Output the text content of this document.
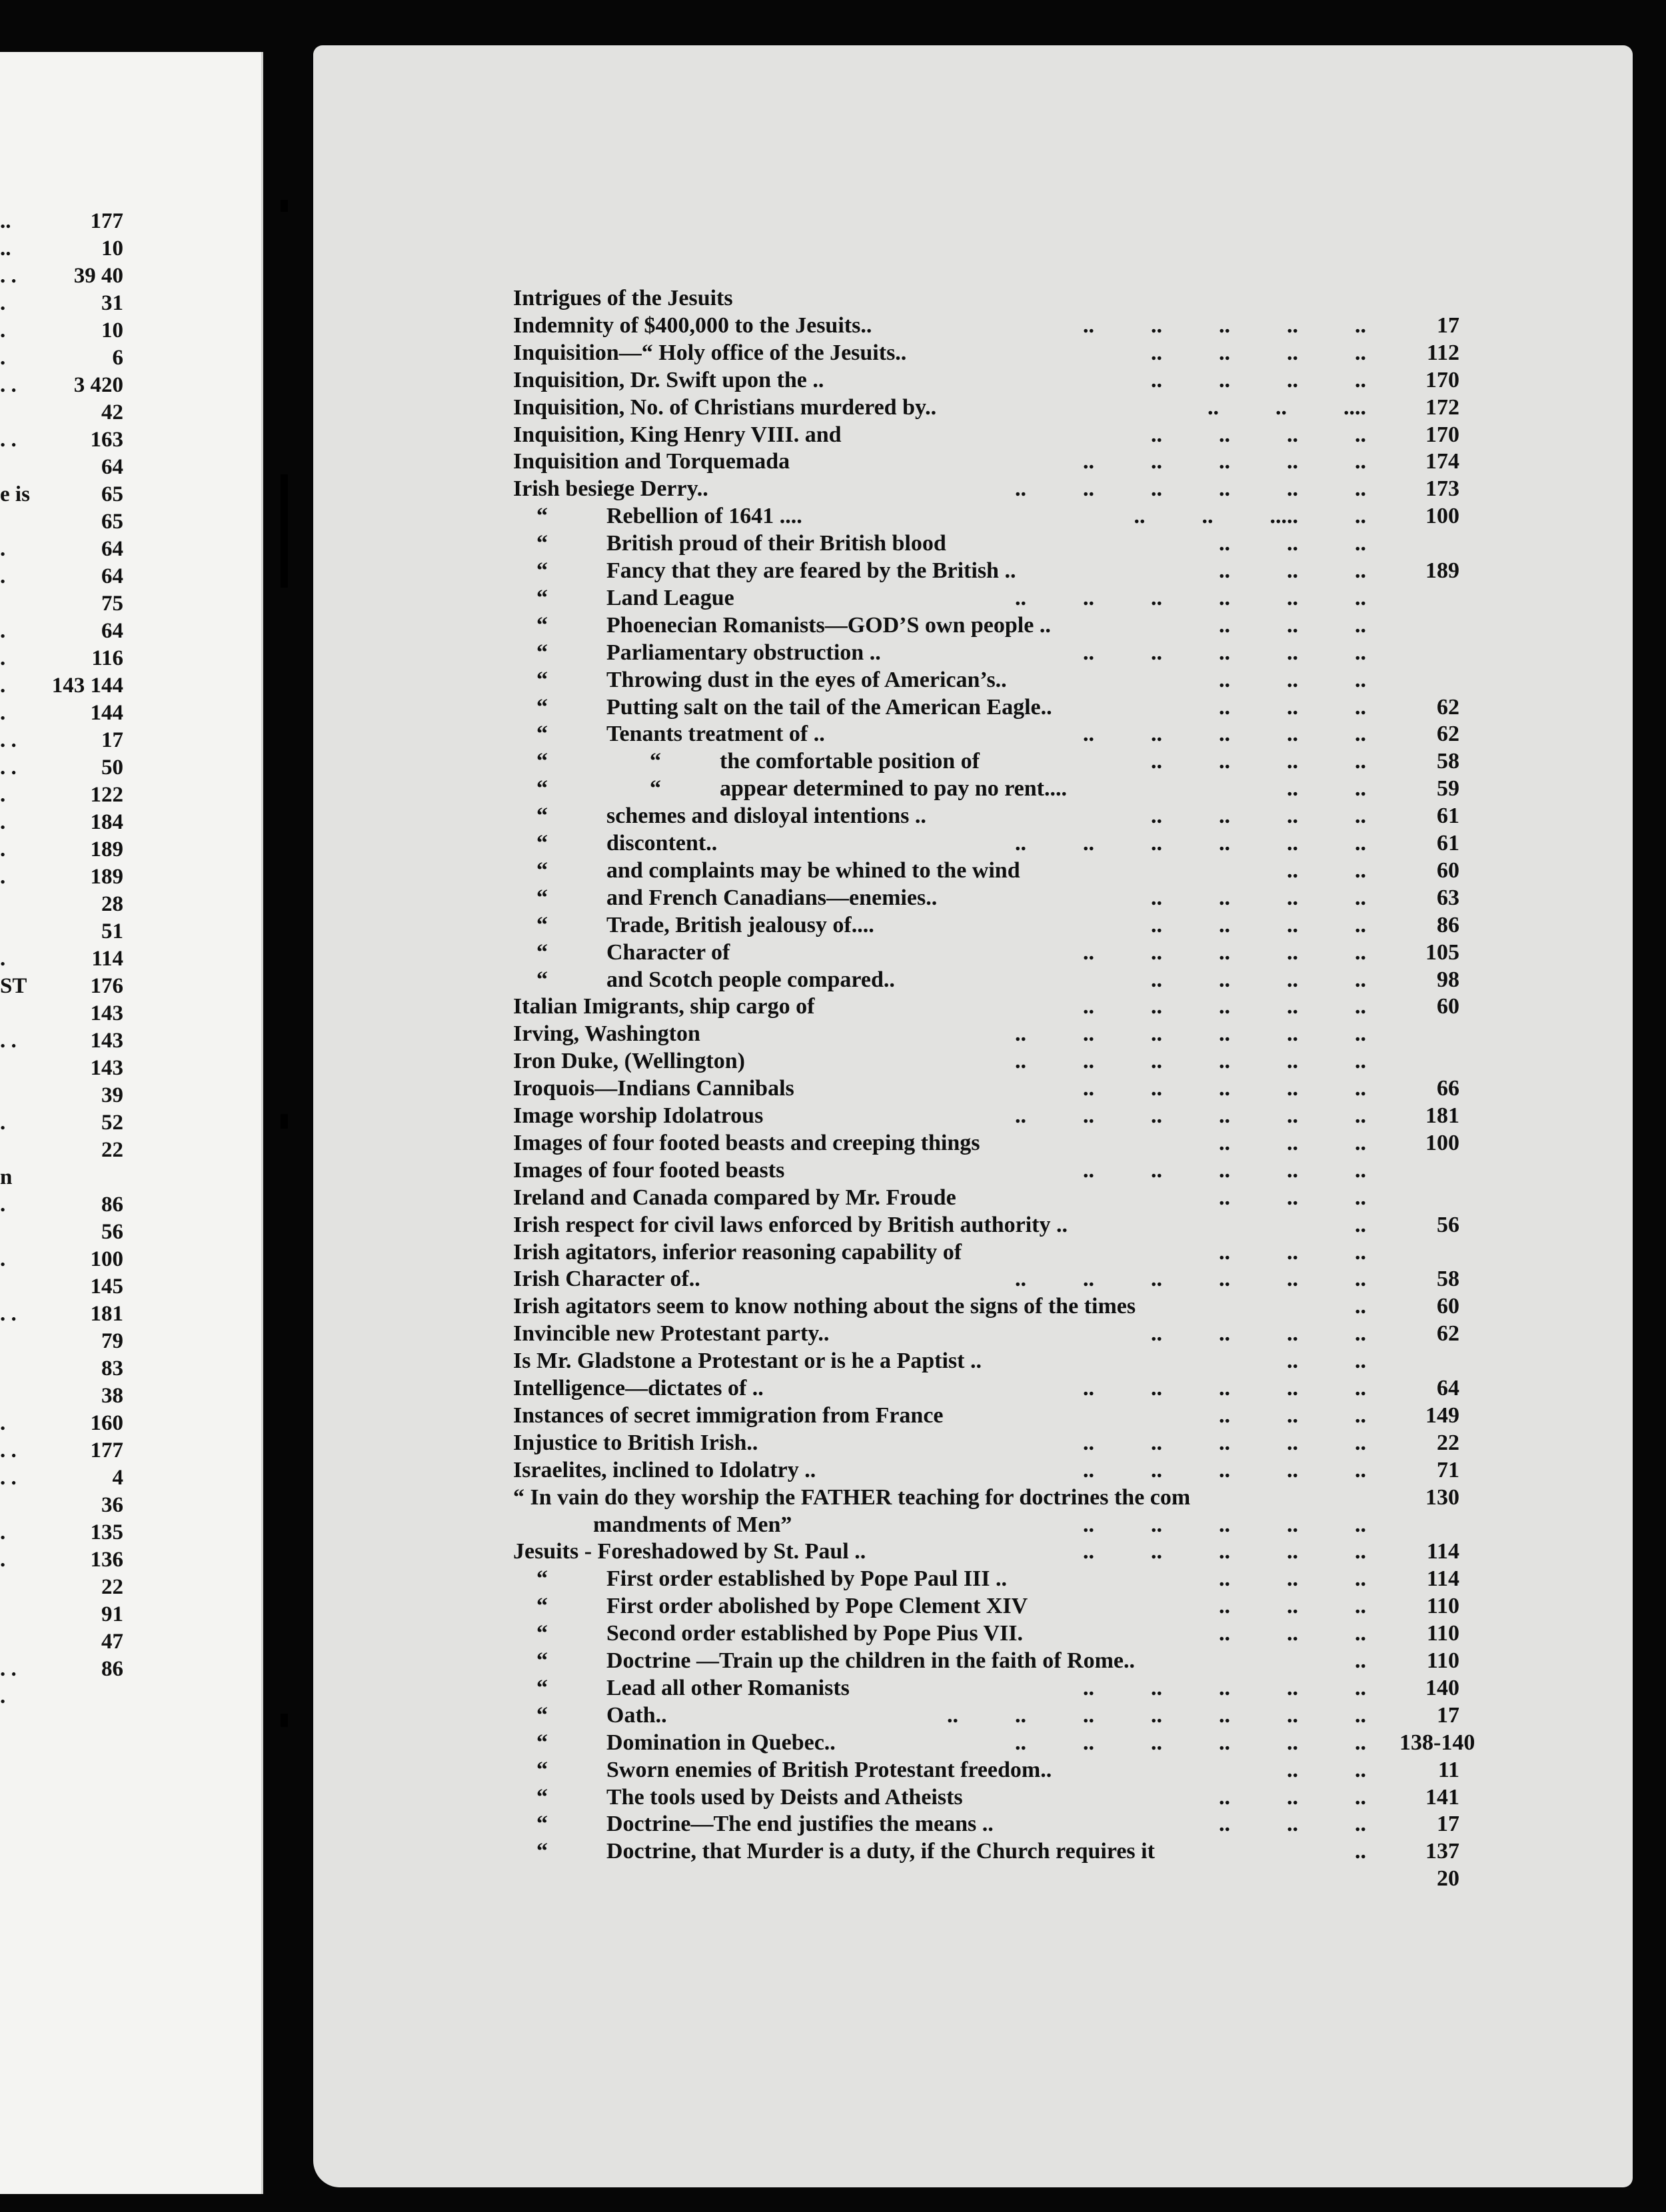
..	177
..	10
. .	39 40
.	31
.	10
.	6
. .	3 420
42
. .	163
64
e is	65
65
.	64
.	64
75
.	64
.	116
.	143 144
.	144
. .	17
. .	50
.	122
.	184
.	189
.	189
28
51
.	114
ST	176
143
. .	143
143
39
.	52
22
n
.	86
56
.	100
145
. .	181
79
83
38
.	160
. .	177
. .	4
36
.	135
.	136
22
91
47
. .	86
.
Intrigues of the Jesuits
Indemnity of $400,000 to the Jesuits..	..          ..          ..          ..          ..	17
Inquisition—“ Holy office of the Jesuits..	..          ..          ..          ..	112
Inquisition, Dr. Swift upon the ..	..          ..          ..          ..	170
Inquisition, No. of Christians murdered by..	..          ..          ....	172
Inquisition, King Henry VIII. and	..          ..          ..          ..	170
Inquisition and Torquemada	..          ..          ..          ..          ..	174
Irish besiege Derry..	..          ..          ..          ..          ..          ..	173
“	Rebellion of 1641 ....	..          ..          .....          ..	100
“	British proud of their British blood	..          ..          ..
“	Fancy that they are feared by the British ..	..          ..          ..	189
“	Land League	..          ..          ..          ..          ..          ..
“	Phoenecian Romanists—GOD’S own people ..	..          ..          ..
“	Parliamentary obstruction ..	..          ..          ..          ..          ..
“	Throwing dust in the eyes of American’s..	..          ..          ..
“	Putting salt on the tail of the American Eagle..	..          ..          ..	62
“	Tenants treatment of ..	..          ..          ..          ..          ..	62
“	“	the comfortable position of	..          ..          ..          ..	58
“	“	appear determined to pay no rent....	..          ..	59
“	schemes and disloyal intentions ..	..          ..          ..          ..	61
“	discontent..	..          ..          ..          ..          ..          ..	61
“	and complaints may be whined to the wind	..          ..	60
“	and French Canadians—enemies..	..          ..          ..          ..	63
“	Trade, British jealousy of....	..          ..          ..          ..	86
“	Character of	..          ..          ..          ..          ..	105
“	and Scotch people compared..	..          ..          ..          ..	98
Italian Imigrants, ship cargo of	..          ..          ..          ..          ..	60
Irving, Washington	..          ..          ..          ..          ..          ..
Iron Duke, (Wellington)	..          ..          ..          ..          ..          ..
Iroquois—Indians Cannibals	..          ..          ..          ..          ..	66
Image worship Idolatrous	..          ..          ..          ..          ..          ..	181
Images of four footed beasts and creeping things	..          ..          ..	100
Images of four footed beasts	..          ..          ..          ..          ..
Ireland and Canada compared by Mr. Froude	..          ..          ..
Irish respect for civil laws enforced by British authority ..	..	56
Irish agitators, inferior reasoning capability of	..          ..          ..
Irish Character of..	..          ..          ..          ..          ..          ..	58
Irish agitators seem to know nothing about the signs of the times	..	60
Invincible new Protestant party..	..          ..          ..          ..	62
Is Mr. Gladstone a Protestant or is he a Paptist ..	..          ..
Intelligence—dictates of ..	..          ..          ..          ..          ..	64
Instances of secret immigration from France	..          ..          ..	149
Injustice to British Irish..	..          ..          ..          ..          ..	22
Israelites, inclined to Idolatry ..	..          ..          ..          ..          ..	71
“ In vain do they worship the FATHER teaching for doctrines the com	130
mandments of Men”	..          ..          ..          ..          ..
Jesuits - Foreshadowed by St. Paul ..	..          ..          ..          ..          ..	114
“	First order established by Pope Paul III ..	..          ..          ..	114
“	First order abolished by Pope Clement XIV	..          ..          ..	110
“	Second order established by Pope Pius VII.	..          ..          ..	110
“	Doctrine —Train up the children in the faith of Rome..	..	110
“	Lead all other Romanists	..          ..          ..          ..          ..	140
“	Oath..	..          ..          ..          ..          ..          ..          ..	17
“	Domination in Quebec..	..          ..          ..          ..          ..          .. 138-140
“	Sworn enemies of British Protestant freedom..	..          ..	11
“	The tools used by Deists and Atheists	..          ..          ..	141
“	Doctrine—The end justifies the means ..	..          ..          ..	17
“	Doctrine, that Murder is a duty, if the Church requires it	..	137
20
